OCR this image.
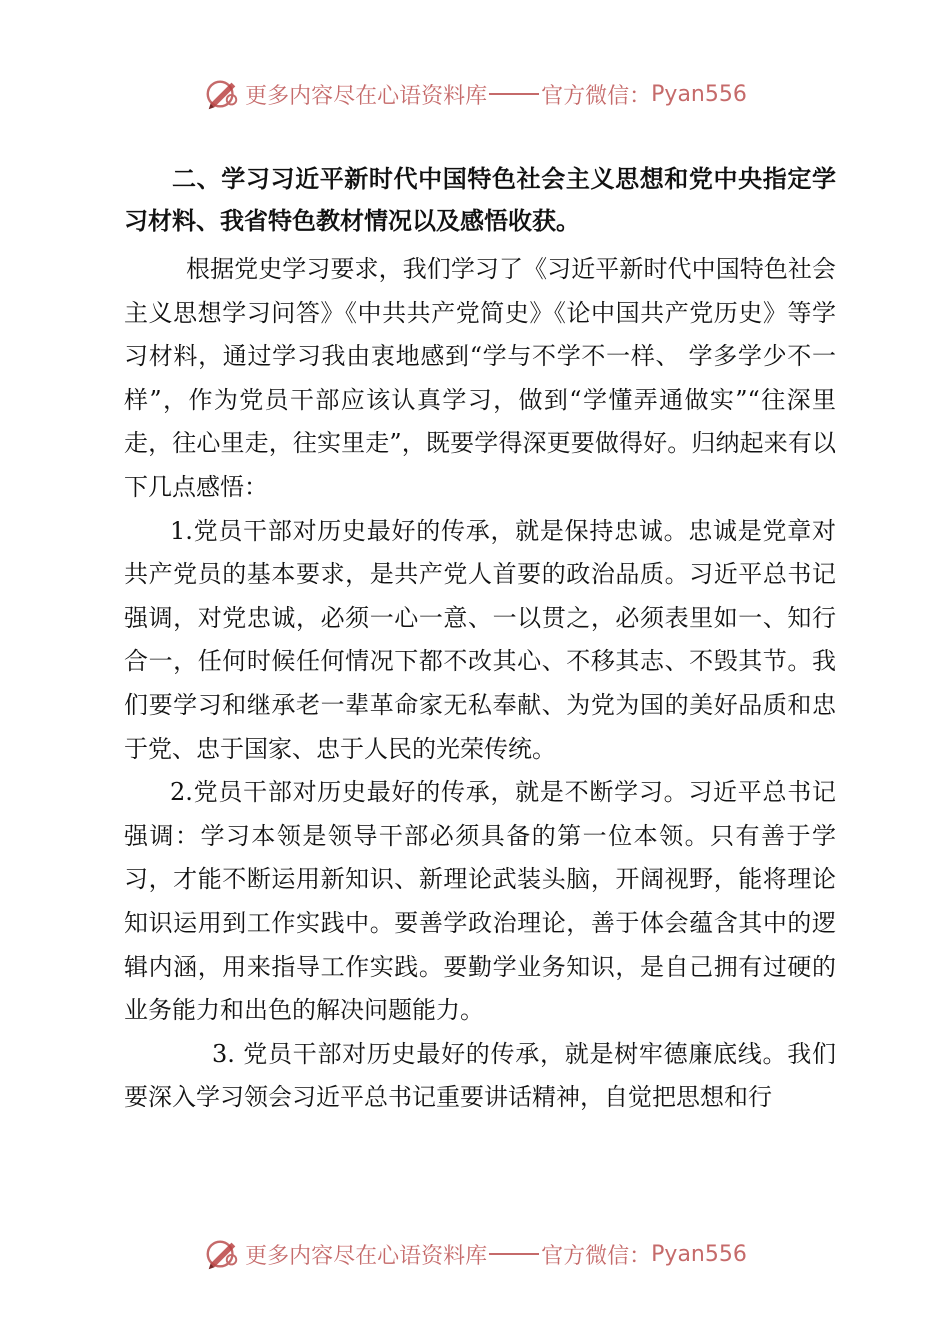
更多内容尽在心语资料库 官方微信： Pyan556

二、学习习近平新时代中国特色社会主义思想和党中央指定学习材料、我省特色教材情况以及感悟收获。

根据党史学习要求，我们学习了《习近平新时代中国特色社会主义思想学习问答》《中共共产党简史》《论中国共产党历史》等学习材料，通过学习我由衷地感到“学与不学不一样、 学多学少不一样”，作为党员干部应该认真学习，做到“学懂弄通做实”“往深里走，往心里走，往实里走”，既要学得深更要做得好。归纳起来有以下几点感悟：

1.党员干部对历史最好的传承，就是保持忠诚。忠诚是党章对共产党员的基本要求，是共产党人首要的政治品质。习近平总书记强调，对党忠诚，必须一心一意、一以贯之，必须表里如一、知行合一，任何时候任何情况下都不改其心、不移其志、不毁其节。我们要学习和继承老一辈革命家无私奉献、为党为国的美好品质和忠于党、忠于国家、忠于人民的光荣传统。

2.党员干部对历史最好的传承，就是不断学习。习近平总书记强调：学习本领是领导干部必须具备的第一位本领。只有善于学习，才能不断运用新知识、新理论武装头脑，开阔视野，能将理论知识运用到工作实践中。要善学政治理论，善于体会蕴含其中的逻辑内涵，用来指导工作实践。要勤学业务知识，是自己拥有过硬的业务能力和出色的解决问题能力。

3. 党员干部对历史最好的传承，就是树牢德廉底线。我们要深入学习领会习近平总书记重要讲话精神，自觉把思想和行

更多内容尽在心语资料库 官方微信： Pyan556
